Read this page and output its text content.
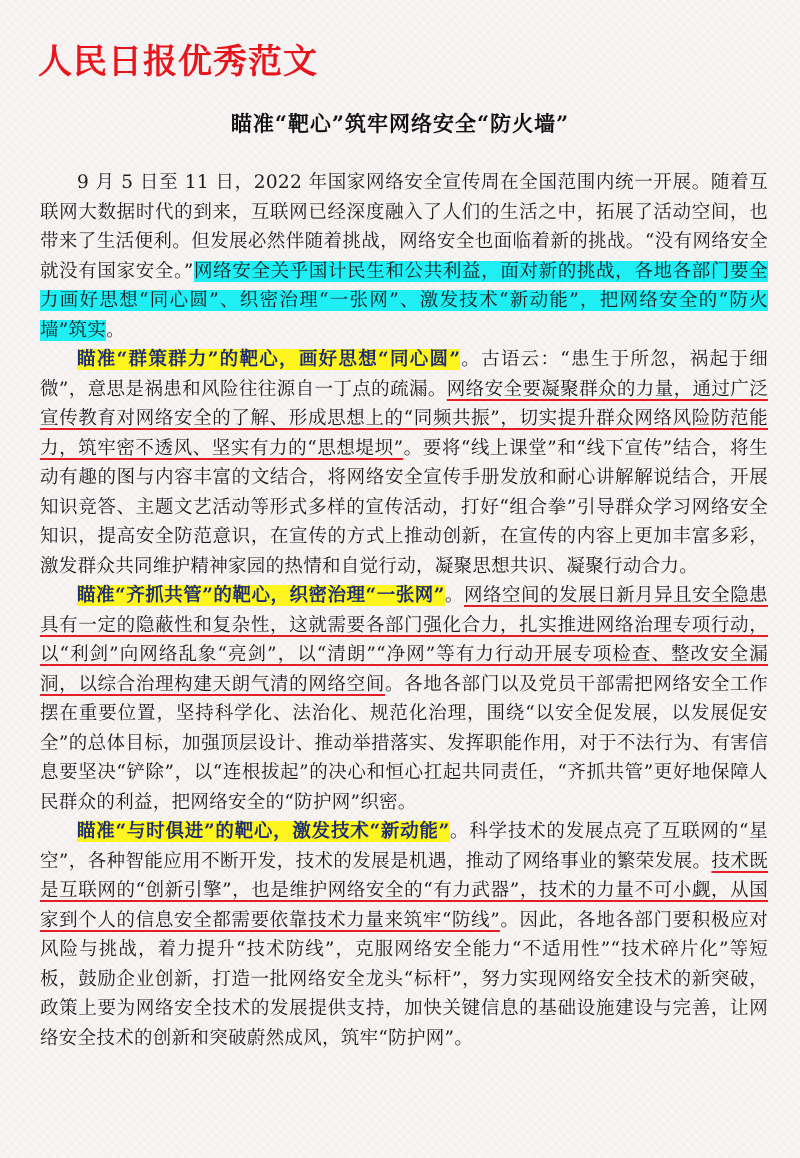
人民日报优秀范文
瞄准“靶心”筑牢网络安全“防火墙”

9 月 5 日至 11 日，2022 年国家网络安全宣传周在全国范围内统一开展。随着互联网大数据时代的到来，互联网已经深度融入了人们的生活之中，拓展了活动空间，也带来了生活便利。但发展必然伴随着挑战，网络安全也面临着新的挑战。“没有网络安全就没有国家安全。”网络安全关乎国计民生和公共利益，面对新的挑战，各地各部门要全力画好思想“同心圆”、织密治理“一张网”、激发技术“新动能”，把网络安全的“防火墙”筑实。

瞄准“群策群力”的靶心，画好思想“同心圆”。古语云：“患生于所忽，祸起于细微”，意思是祸患和风险往往源自一丁点的疏漏。网络安全要凝聚群众的力量，通过广泛宣传教育对网络安全的了解、形成思想上的“同频共振”，切实提升群众网络风险防范能力，筑牢密不透风、坚实有力的“思想堤坝”。要将“线上课堂”和“线下宣传”结合，将生动有趣的图与内容丰富的文结合，将网络安全宣传手册发放和耐心讲解解说结合，开展知识竞答、主题文艺活动等形式多样的宣传活动，打好“组合拳”引导群众学习网络安全知识，提高安全防范意识，在宣传的方式上推动创新，在宣传的内容上更加丰富多彩，激发群众共同维护精神家园的热情和自觉行动，凝聚思想共识、凝聚行动合力。

瞄准“齐抓共管”的靶心，织密治理“一张网”。网络空间的发展日新月异且安全隐患具有一定的隐蔽性和复杂性，这就需要各部门强化合力，扎实推进网络治理专项行动，以“利剑”向网络乱象“亮剑”，以“清朗”“净网”等有力行动开展专项检查、整改安全漏洞，以综合治理构建天朗气清的网络空间。各地各部门以及党员干部需把网络安全工作摆在重要位置，坚持科学化、法治化、规范化治理，围绕“以安全促发展，以发展促安全”的总体目标，加强顶层设计、推动举措落实、发挥职能作用，对于不法行为、有害信息要坚决“铲除”，以“连根拔起”的决心和恒心扛起共同责任，“齐抓共管”更好地保障人民群众的利益，把网络安全的“防护网”织密。

瞄准“与时俱进”的靶心，激发技术“新动能”。科学技术的发展点亮了互联网的“星空”，各种智能应用不断开发，技术的发展是机遇，推动了网络事业的繁荣发展。技术既是互联网的“创新引擎”，也是维护网络安全的“有力武器”，技术的力量不可小觑，从国家到个人的信息安全都需要依靠技术力量来筑牢“防线”。因此，各地各部门要积极应对风险与挑战，着力提升“技术防线”，克服网络安全能力“不适用性”“技术碎片化”等短板，鼓励企业创新，打造一批网络安全龙头“标杆”，努力实现网络安全技术的新突破，政策上要为网络安全技术的发展提供支持，加快关键信息的基础设施建设与完善，让网络安全技术的创新和突破蔚然成风，筑牢“防护网”。
